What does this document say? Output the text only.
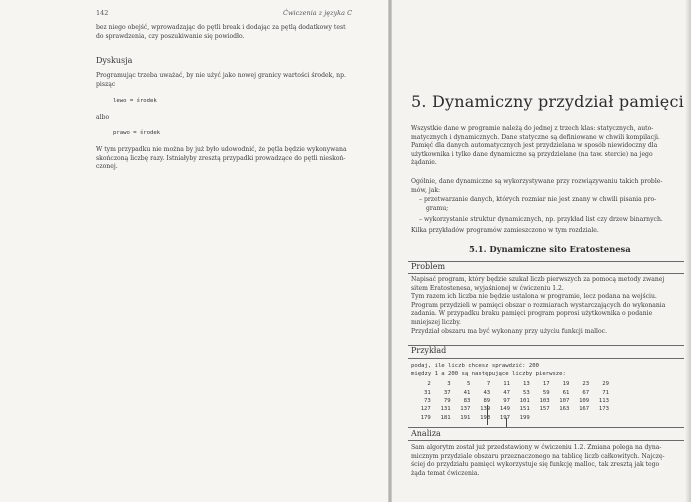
142	Ćwiczenia z języka C
bez niego obejść, wprowadzając do pętli break i dodając za pętlą dodatkowy test
do sprawdzenia, czy poszukiwanie się powiodło.
Dyskusja
Programując trzeba uważać, by nie użyć jako nowej granicy wartości środek, np.
pisząc
lewo = środek
albo
prawo = środek
W tym przypadku nie można by już było udowodnić, że pętla będzie wykonywana
skończoną liczbę razy. Istniałyby zresztą przypadki prowadzące do pętli nieskoń-
czonej.
5. Dynamiczny przydział pamięci
Wszystkie dane w programie należą do jednej z trzech klas: statycznych, auto-
matycznych i dynamicznych. Dane statyczne są definiowane w chwili kompilacji.
Pamięć dla danych automatycznych jest przydzielana w sposób niewidoczny dla
użytkownika i tylko dane dynamiczne są przydzielane (na taw. stercie) na jego
żądanie.
Ogólnie, dane dynamiczne są wykorzystywane przy rozwiązywaniu takich proble-
mów, jak:
– przetwarzanie danych, których rozmiar nie jest znany w chwili pisania pro-
gramu;
– wykorzystanie struktur dynamicznych, np. przykład list czy drzew binarnych.
Kilka przykładów programów zamieszczono w tym rozdziale.
5.1. Dynamiczne sito Eratostenesa
Problem
Napisać program, który będzie szukał liczb pierwszych za pomocą metody zwanej
sitem Eratostenesa, wyjaśnionej w ćwiczeniu 1.2.
Tym razem ich liczba nie będzie ustalona w programie, lecz podana na wejściu.
Program przydzieli w pamięci obszar o rozmiarach wystarczających do wykonania
zadania. W przypadku braku pamięci program poprosi użytkownika o podanie
mniejszej liczby.
Przydział obszaru ma być wykonany przy użyciu funkcji malloc.
Przykład
podaj, ile liczb chcesz sprawdzić: 200
między 1 a 200 są następujące liczby pierwsze:
2	3	5	7	11	13	17	19	23	29
31	37	41	43	47	53	59	61	67	71
73	79	83	89	97	101	103	107	109	113
127	131	137	139	149	151	157	163	167	173
179	181	191	193	197	199				
Analiza
Sam algorytm został już przedstawiony w ćwiczeniu 1.2. Zmiana polega na dyna-
micznym przydziale obszaru przeznaczonego na tablicę liczb całkowitych. Najczę-
ściej do przydziału pamięci wykorzystuje się funkcję malloc, tak zresztą jak tego
żąda temat ćwiczenia.
